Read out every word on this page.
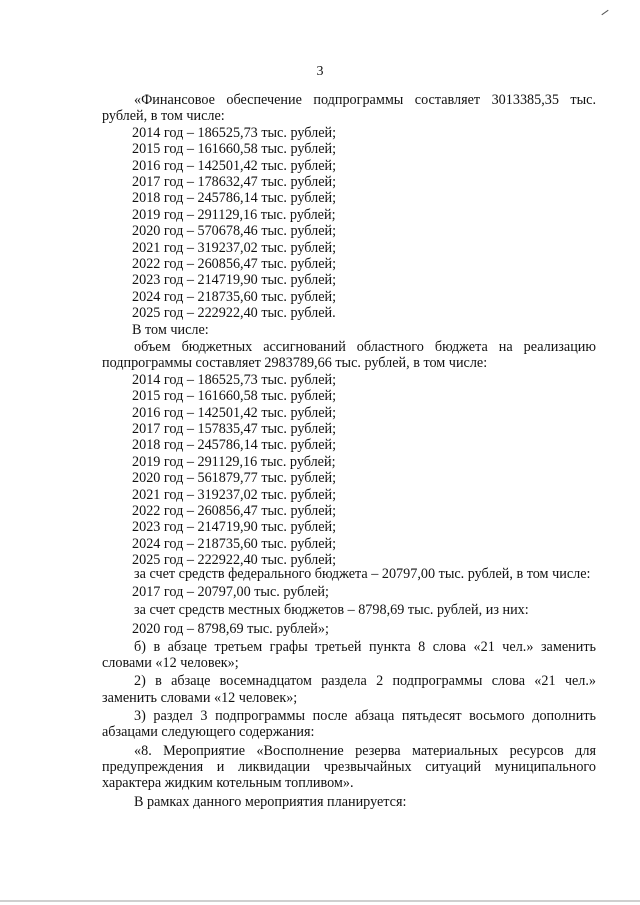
3

«Финансовое обеспечение подпрограммы составляет 3013385,35 тыс. рублей, в том числе:

2014 год – 186525,73 тыс. рублей;

2015 год – 161660,58 тыс. рублей;

2016 год – 142501,42 тыс. рублей;

2017 год – 178632,47 тыс. рублей;

2018 год – 245786,14 тыс. рублей;

2019 год – 291129,16 тыс. рублей;

2020 год – 570678,46 тыс. рублей;

2021 год – 319237,02 тыс. рублей;

2022 год – 260856,47 тыс. рублей;

2023 год – 214719,90 тыс. рублей;

2024 год – 218735,60 тыс. рублей;

2025 год – 222922,40 тыс. рублей.

В том числе:

объем бюджетных ассигнований областного бюджета на реализацию подпрограммы составляет 2983789,66 тыс. рублей, в том числе:

2014 год – 186525,73 тыс. рублей;

2015 год – 161660,58 тыс. рублей;

2016 год – 142501,42 тыс. рублей;

2017 год – 157835,47 тыс. рублей;

2018 год – 245786,14 тыс. рублей;

2019 год – 291129,16 тыс. рублей;

2020 год – 561879,77 тыс. рублей;

2021 год – 319237,02 тыс. рублей;

2022 год – 260856,47 тыс. рублей;

2023 год – 214719,90 тыс. рублей;

2024 год – 218735,60 тыс. рублей;

2025 год – 222922,40 тыс. рублей;

за счет средств федерального бюджета – 20797,00 тыс. рублей, в том числе:

2017 год – 20797,00 тыс. рублей;

за счет средств местных бюджетов – 8798,69 тыс. рублей, из них:

2020 год – 8798,69 тыс. рублей»;

б) в абзаце третьем графы третьей пункта 8 слова «21 чел.» заменить словами «12 человек»;

2) в абзаце восемнадцатом раздела 2 подпрограммы слова «21 чел.» заменить словами «12 человек»;

3) раздел 3 подпрограммы после абзаца пятьдесят восьмого дополнить абзацами следующего содержания:

«8. Мероприятие «Восполнение резерва материальных ресурсов для предупреждения и ликвидации чрезвычайных ситуаций муниципального характера жидким котельным топливом».

В рамках данного мероприятия планируется:
